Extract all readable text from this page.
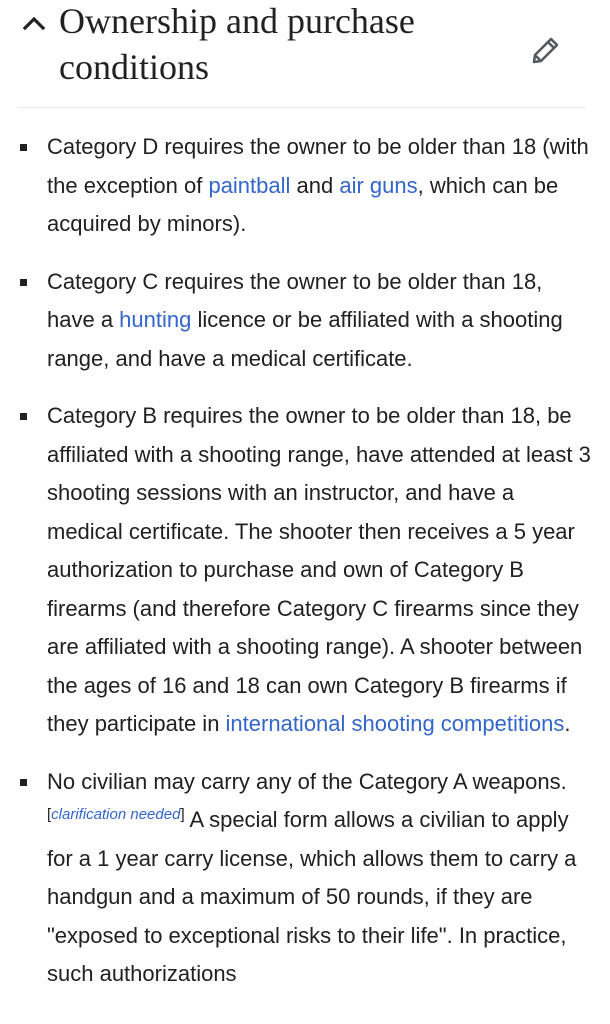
Ownership and purchase conditions
Category D requires the owner to be older than 18 (with the exception of paintball and air guns, which can be acquired by minors).
Category C requires the owner to be older than 18, have a hunting licence or be affiliated with a shooting range, and have a medical certificate.
Category B requires the owner to be older than 18, be affiliated with a shooting range, have attended at least 3 shooting sessions with an instructor, and have a medical certificate. The shooter then receives a 5 year authorization to purchase and own of Category B firearms (and therefore Category C firearms since they are affiliated with a shooting range). A shooter between the ages of 16 and 18 can own Category B firearms if they participate in international shooting competitions.
No civilian may carry any of the Category A weapons.[clarification needed] A special form allows a civilian to apply for a 1 year carry license, which allows them to carry a handgun and a maximum of 50 rounds, if they are "exposed to exceptional risks to their life". In practice, such authorizations
